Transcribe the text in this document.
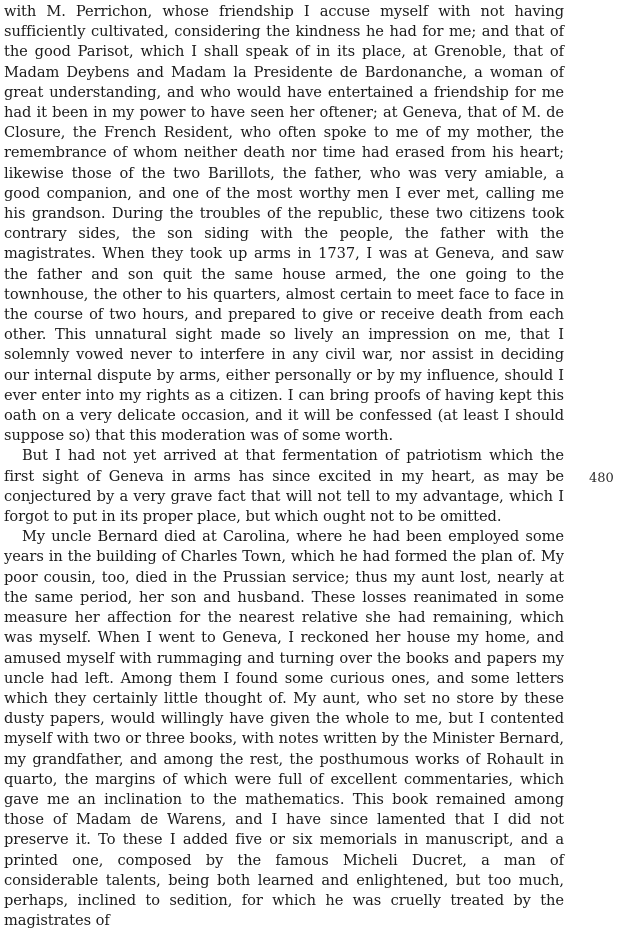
with M. Perrichon, whose friendship I accuse myself with not having sufficiently cultivated, considering the kindness he had for me; and that of the good Parisot, which I shall speak of in its place, at Grenoble, that of Madam Deybens and Madam la Presidente de Bardonanche, a woman of great understanding, and who would have entertained a friendship for me had it been in my power to have seen her oftener; at Geneva, that of M. de Closure, the French Resident, who often spoke to me of my mother, the remembrance of whom neither death nor time had erased from his heart; likewise those of the two Barillots, the father, who was very amiable, a good companion, and one of the most worthy men I ever met, calling me his grandson. During the troubles of the republic, these two citizens took contrary sides, the son siding with the people, the father with the magistrates. When they took up arms in 1737, I was at Geneva, and saw the father and son quit the same house armed, the one going to the townhouse, the other to his quarters, almost certain to meet face to face in the course of two hours, and prepared to give or receive death from each other. This unnatural sight made so lively an impression on me, that I solemnly vowed never to interfere in any civil war, nor assist in deciding our internal dispute by arms, either personally or by my influence, should I ever enter into my rights as a citizen. I can bring proofs of having kept this oath on a very delicate occasion, and it will be confessed (at least I should suppose so) that this moderation was of some worth.

But I had not yet arrived at that fermentation of patriotism which the first sight of Geneva in arms has since excited in my heart, as may be conjectured by a very grave fact that will not tell to my advantage, which I forgot to put in its proper place, but which ought not to be omitted.

My uncle Bernard died at Carolina, where he had been employed some years in the building of Charles Town, which he had formed the plan of. My poor cousin, too, died in the Prussian service; thus my aunt lost, nearly at the same period, her son and husband. These losses reanimated in some measure her affection for the nearest relative she had remaining, which was myself. When I went to Geneva, I reckoned her house my home, and amused myself with rummaging and turning over the books and papers my uncle had left. Among them I found some curious ones, and some letters which they certainly little thought of. My aunt, who set no store by these dusty papers, would willingly have given the whole to me, but I contented myself with two or three books, with notes written by the Minister Bernard, my grandfather, and among the rest, the posthumous works of Rohault in quarto, the margins of which were full of excellent commentaries, which gave me an inclination to the mathematics. This book remained among those of Madam de Warens, and I have since lamented that I did not preserve it. To these I added five or six memorials in manuscript, and a printed one, composed by the famous Micheli Ducret, a man of considerable talents, being both learned and enlightened, but too much, perhaps, inclined to sedition, for which he was cruelly treated by the magistrates of

480
